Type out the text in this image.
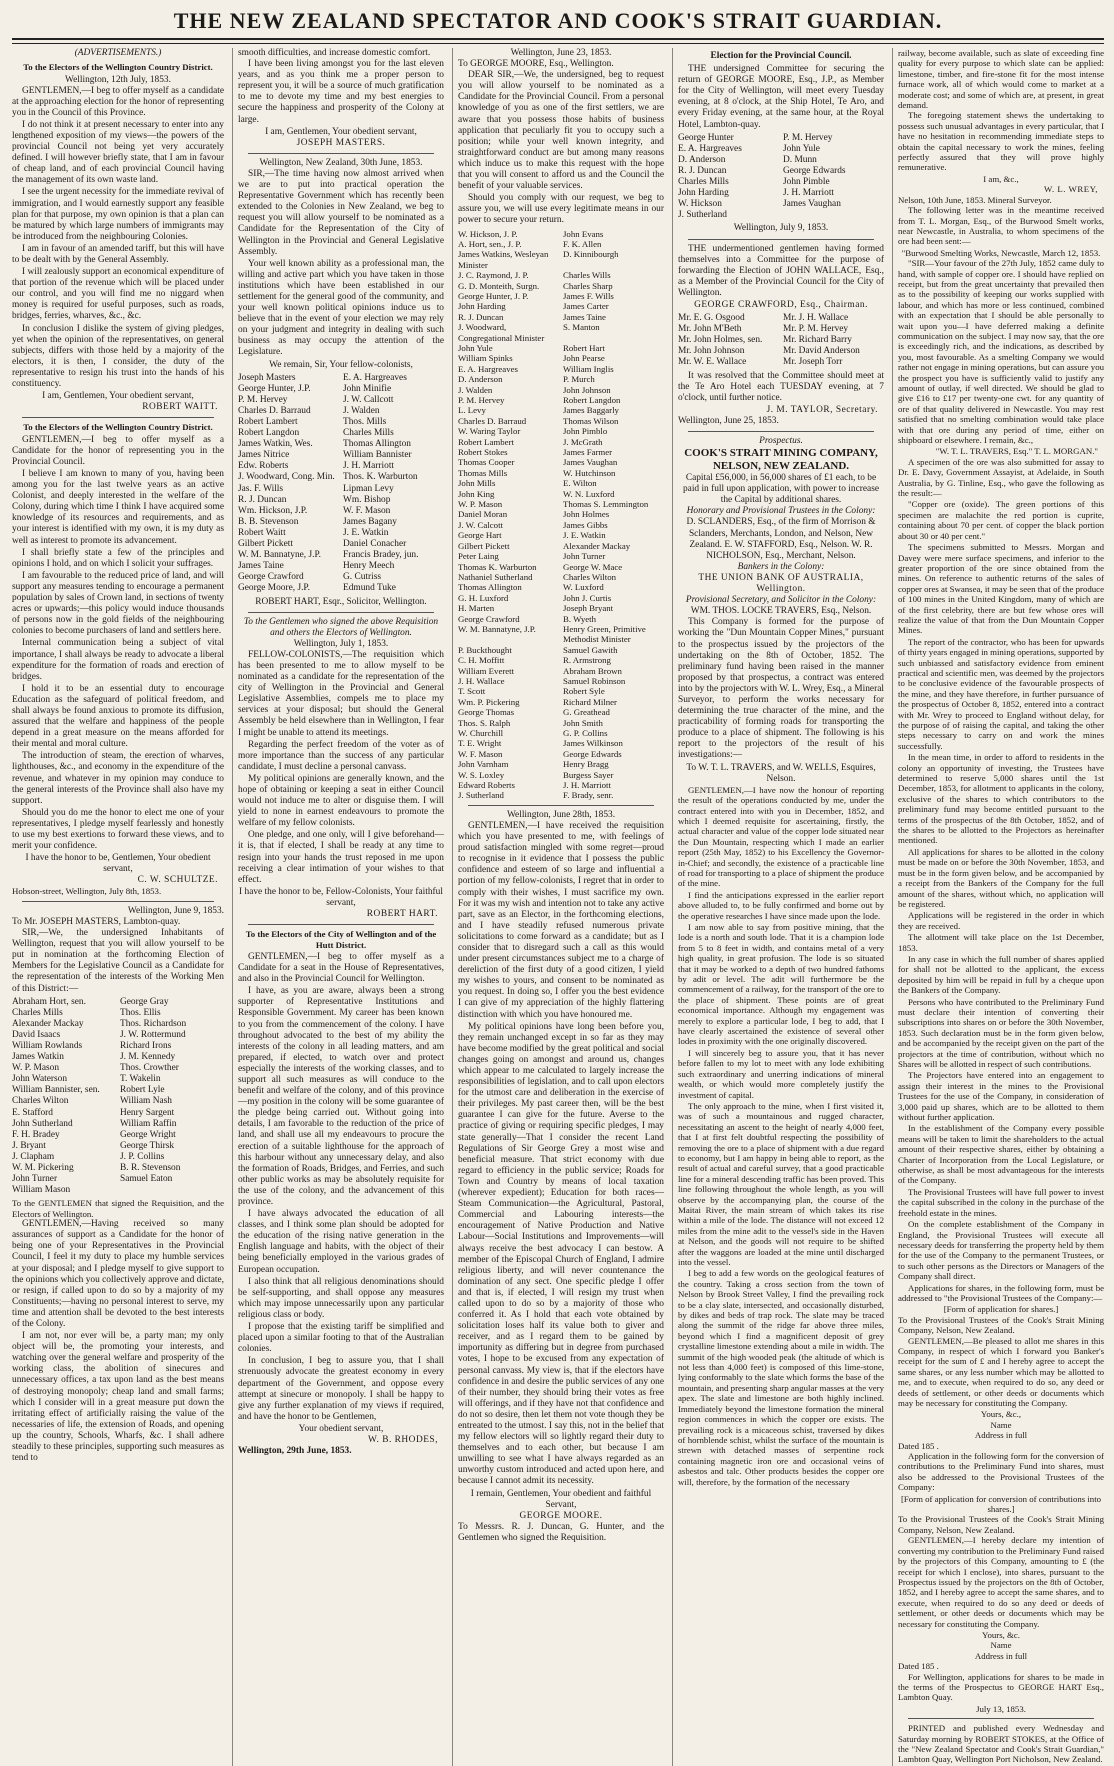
THE NEW ZEALAND SPECTATOR AND COOK'S STRAIT GUARDIAN.
(ADVERTISEMENTS.)
To the Electors of the Wellington Country District.
Wellington, 12th July, 1853.
GENTLEMEN,—I beg to offer myself as a candidate at the approaching election for the honor of representing you in the Council of this Province.
I do not think it at present necessary to enter into any lengthened exposition of my views—the powers of the provincial Council not being yet very accurately defined. I will however briefly state, that I am in favour of cheap land, and of each provincial Council having the management of its own waste land.
I see the urgent necessity for the immediate revival of immigration, and I would earnestly support any feasible plan for that purpose, my own opinion is that a plan can be matured by which large numbers of immigrants may be introduced from the neighbouring Colonies.
I am in favour of an amended tariff, but this will have to be dealt with by the General Assembly.
I will zealously support an economical expenditure of that portion of the revenue which will be placed under our control, and you will find me no niggard when money is required for useful purposes, such as roads, bridges, ferries, wharves, &c., &c.
In conclusion I dislike the system of giving pledges, yet when the opinion of the representatives, on general subjects, differs with those held by a majority of the electors, it is then, I consider, the duty of the representative to resign his trust into the hands of his constituency.
I am, Gentlemen, Your obedient servant,
ROBERT WAITT.
To the Electors of the Wellington Country District.
GENTLEMEN,—I beg to offer myself as a Candidate for the honor of representing you in the Provincial Council.
I believe I am known to many of you, having been among you for the last twelve years as an active Colonist, and deeply interested in the welfare of the Colony, during which time I think I have acquired some knowledge of its resources and requirements, and as your interest is identified with my own, it is my duty as well as interest to promote its advancement.
I shall briefly state a few of the principles and opinions I hold, and on which I solicit your suffrages.
I am favourable to the reduced price of land, and will support any measures tending to encourage a permanent population by sales of Crown land, in sections of twenty acres or upwards;—this policy would induce thousands of persons now in the gold fields of the neighbouring colonies to become purchasers of land and settlers here.
Internal communication being a subject of vital importance, I shall always be ready to advocate a liberal expenditure for the formation of roads and erection of bridges.
I hold it to be an essential duty to encourage Education as the safeguard of political freedom, and shall always be found anxious to promote its diffusion, assured that the welfare and happiness of the people depend in a great measure on the means afforded for their mental and moral culture.
The introduction of steam, the erection of wharves, lighthouses, &c., and economy in the expenditure of the revenue, and whatever in my opinion may conduce to the general interests of the Province shall also have my support.
Should you do me the honor to elect me one of your representatives, I pledge myself fearlessly and honestly to use my best exertions to forward these views, and to merit your confidence.
I have the honor to be, Gentlemen, Your obedient servant,
C. W. SCHULTZE.
Hobson-street, Wellington, July 8th, 1853.
Wellington, June 9, 1853.
To Mr. JOSEPH MASTERS, Lambton-quay.
SIR,—We, the undersigned Inhabitants of Wellington, request that you will allow yourself to be put in nomination at the forthcoming Election of Members for the Legislative Council as a Candidate for the representation of the interests of the Working Men of this District:—
Abraham Hort, sen.	George Gray
Charles Mills	Thos. Ellis
Alexander Mackay	Thos. Richardson
David Isaacs	J. W. Rottermund
William Rowlands	Richard Irons
James Watkin	J. M. Kennedy
W. P. Mason	Thos. Crowther
John Waterson	T. Wakelin
William Bannister, sen.	Robert Lyle
Charles Wilton	William Nash
E. Stafford	Henry Sargent
John Sutherland	William Raffin
F. H. Bradey	George Wright
J. Bryant	George Thirsk
J. Clapham	J. P. Collins
W. M. Pickering	B. R. Stevenson
John Turner	Samuel Eaton
William Mason
To the GENTLEMEN that signed the Requisition, and the Electors of Wellington.
GENTLEMEN,—Having received so many assurances of support as a Candidate for the honor of being one of your Representatives in the Provincial Council, I feel it my duty to place my humble services at your disposal; and I pledge myself to give support to the opinions which you collectively approve and dictate, or resign, if called upon to do so by a majority of my Constituents;—having no personal interest to serve, my time and attention shall be devoted to the best interests of the Colony.
I am not, nor ever will be, a party man; my only object will be, the promoting your interests, and watching over the general welfare and prosperity of the working class, the abolition of sinecures and unnecessary offices, a tax upon land as the best means of destroying monopoly; cheap land and small farms; which I consider will in a great measure put down the irritating effect of artificially raising the value of the necessaries of life, the extension of Roads, and opening up the country, Schools, Wharfs, &c. I shall adhere steadily to these principles, supporting such measures as tend to
smooth difficulties, and increase domestic comfort.
I have been living amongst you for the last eleven years, and as you think me a proper person to represent you, it will be a source of much gratification to me to devote my time and my best energies to secure the happiness and prosperity of the Colony at large.
I am, Gentlemen, Your obedient servant,
JOSEPH MASTERS.
Wellington, New Zealand, 30th June, 1853.
SIR,—The time having now almost arrived when we are to put into practical operation the Representative Government which has recently been extended to the Colonies in New Zealand, we beg to request you will allow yourself to be nominated as a Candidate for the Representation of the City of Wellington in the Provincial and General Legislative Assembly.
Your well known ability as a professional man, the willing and active part which you have taken in those institutions which have been established in our settlement for the general good of the community, and your well known political opinions induce us to believe that in the event of your election we may rely on your judgment and integrity in dealing with such business as may occupy the attention of the Legislature.
We remain, Sir, Your fellow-colonists,
Joseph Masters	E. A. Hargreaves
George Hunter, J.P.	John Minifie
P. M. Hervey	J. W. Callcott
Charles D. Barraud	J. Walden
Robert Lambert	Thos. Mills
Robert Langdon	Charles Mills
James Watkin, Wes.	Thomas Allington
James Nitrice	William Bannister
Edw. Roberts	J. H. Marriott
J. Woodward, Cong. Min. Thos. K. Warburton
Jas. F. Wills	Lipman Levy
R. J. Duncan	Wm. Bishop
Wm. Hickson, J.P.	W. F. Mason
B. B. Stevenson	James Bagany
Robert Waitt	J. E. Watkin
Gilbert Pickett	Daniel Conacher
W. M. Bannatyne, J.P.	Francis Bradey, jun.
James Taine	Henry Meech
George Crawford	G. Cutriss
George Moore, J.P.	Edmund Tuke
ROBERT HART, Esqr., Solicitor, Wellington.
To the Gentlemen who signed the above Requisition and others the Electors of Wellington.
Wellington, July 1, 1853.
FELLOW-COLONISTS,—The requisition which has been presented to me to allow myself to be nominated as a candidate for the representation of the city of Wellington in the Provincial and General Legislative Assemblies, compels me to place my services at your disposal; but should the General Assembly be held elsewhere than in Wellington, I fear I might be unable to attend its meetings.
Regarding the perfect freedom of the voter as of more importance than the success of any particular candidate, I must decline a personal canvass.
My political opinions are generally known, and the hope of obtaining or keeping a seat in either Council would not induce me to alter or disguise them. I will yield to none in earnest endeavours to promote the welfare of my fellow colonists.
One pledge, and one only, will I give beforehand—it is, that if elected, I shall be ready at any time to resign into your hands the trust reposed in me upon receiving a clear intimation of your wishes to that effect.
I have the honor to be, Fellow-Colonists, Your faithful servant,
ROBERT HART.
To the Electors of the City of Wellington and of the Hutt District.
GENTLEMEN,—I beg to offer myself as a Candidate for a seat in the House of Representatives, and also in the Provincial Council for Wellington.
I have, as you are aware, always been a strong supporter of Representative Institutions and Responsible Government. My career has been known to you from the commencement of the colony. I have throughout advocated to the best of my ability the interests of the colony in all leading matters, and am prepared, if elected, to watch over and protect especially the interests of the working classes, and to support all such measures as will conduce to the benefit and welfare of the colony, and of this province—my position in the colony will be some guarantee of the pledge being carried out. Without going into details, I am favorable to the reduction of the price of land, and shall use all my endeavours to procure the erection of a suitable lighthouse for the approach of this harbour without any unnecessary delay, and also the formation of Roads, Bridges, and Ferries, and such other public works as may be absolutely requisite for the use of the colony, and the advancement of this province.
I have always advocated the education of all classes, and I think some plan should be adopted for the education of the rising native generation in the English language and habits, with the object of their being beneficially employed in the various grades of European occupation.
I also think that all religious denominations should be self-supporting, and shall oppose any measures which may impose unnecessarily upon any particular religious class or body.
I propose that the existing tariff be simplified and placed upon a similar footing to that of the Australian colonies.
In conclusion, I beg to assure you, that I shall strenuously advocate the greatest economy in every department of the Government, and oppose every attempt at sinecure or monopoly. I shall be happy to give any further explanation of my views if required, and have the honor to be Gentlemen,
Your obedient servant,
W. B. RHODES,
Wellington, 29th June, 1853.
Wellington, June 23, 1853.
To GEORGE MOORE, Esq., Wellington.
DEAR SIR,—We, the undersigned, beg to request you will allow yourself to be nominated as a Candidate for the Provincial Council. From a personal knowledge of you as one of the first settlers, we are aware that you possess those habits of business application that peculiarly fit you to occupy such a position; while your well known integrity, and straightforward conduct are but among many reasons which induce us to make this request with the hope that you will consent to afford us and the Council the benefit of your valuable services.
Should you comply with our request, we beg to assure you, we will use every legitimate means in our power to secure your return.
W. Hickson, J. P.	John Evans
A. Hort, sen., J. P.	F. K. Allen
James Watkins, Wesleyan Minister
D. Kinnibourgh
J. C. Raymond, J. P.	Charles Wills
G. D. Monteith, Surgn.	Charles Sharp
George Hunter, J. P.	James F. Wills
John Harding	James Carter
R. J. Duncan	James Taine
J. Woodward, Congregational Minister
S. Manton
John Yule	Robert Hart
William Spinks	John Pearse
E. A. Hargreaves	William Inglis
D. Anderson	P. Murch
J. Walden	John Johnson
P. M. Hervey	Robert Langdon
L. Levy	James Baggarly
Charles D. Barraud	Thomas Wilson
W. Waring Taylor	John Pimblo
Robert Lambert	J. McGrath
Robert Stokes	James Farmer
Thomas Cooper	James Vaughan
Thomas Mills	W. Hutchinson
John Mills	E. Wilton
John King	W. N. Luxford
W. P. Mason	Thomas S. Lemmington
Daniel Moran	John Holmes
J. W. Calcott	James Gibbs
George Hart	J. E. Watkin
Gilbert Pickett	Alexander Mackay
Peter Laing	John Turner
Thomas K. Warburton	George W. Mace
Nathaniel Sutherland	Charles Wilton
Thomas Allington	W. Luxford
G. H. Luxford	John J. Curtis
H. Marten	Joseph Bryant
George Crawford	B. Wyeth
W. M. Bannatyne, J.P.	Henry Green, Primitive Methodist Minister
P. Buckthought	Samuel Gawith
C. H. Moffitt	R. Armstrong
William Everett	Abraham Brown
J. H. Wallace	Samuel Robinson
T. Scott	Robert Syle
Wm. P. Pickering	Richard Milner
George Thomas	G. Greathead
Thos. S. Ralph	John Smith
W. Churchill	G. P. Collins
T. E. Wright	James Wilkinson
W. F. Mason	George Edwards
John Varnham	Henry Bragg
W. S. Loxley	Burgess Sayer
Edward Roberts	J. H. Marriott
J. Sutherland	F. Brady, senr.
Wellington, June 28th, 1853.
GENTLEMEN,—I have received the requisition which you have presented to me, with feelings of proud satisfaction mingled with some regret—proud to recognise in it evidence that I possess the public confidence and esteem of so large and influential a portion of my fellow-colonists, I regret that in order to comply with their wishes, I must sacrifice my own. For it was my wish and intention not to take any active part, save as an Elector, in the forthcoming elections, and I have steadily refused numerous private solicitations to come forward as a candidate; but as I consider that to disregard such a call as this would under present circumstances subject me to a charge of dereliction of the first duty of a good citizen, I yield my wishes to yours, and consent to be nominated as you request. In doing so, I offer you the best evidence I can give of my appreciation of the highly flattering distinction with which you have honoured me.
My political opinions have long been before you, they remain unchanged except in so far as they may have become modified by the great political and social changes going on amongst and around us, changes which appear to me calculated to largely increase the responsibilities of legislation, and to call upon electors for the utmost care and deliberation in the exercise of their privileges. My past career then, will be the best guarantee I can give for the future. Averse to the practice of giving or requiring specific pledges, I may state generally—That I consider the recent Land Regulations of Sir George Grey a most wise and beneficial measure. That strict economy with due regard to efficiency in the public service; Roads for Town and Country by means of local taxation (wherever expedient); Education for both races—Steam Communication—the Agricultural, Pastoral, Commercial and Labouring interests—the encouragement of Native Production and Native Labour—Social Institutions and Improvements—will always receive the best advocacy I can bestow. A member of the Episcopal Church of England, I admire religious liberty, and will never countenance the domination of any sect. One specific pledge I offer and that is, if elected, I will resign my trust when called upon to do so by a majority of those who conferred it. As I hold that each vote obtained by solicitation loses half its value both to giver and receiver, and as I regard them to be gained by importunity as differing but in degree from purchased votes, I hope to be excused from any expectation of personal canvass. My view is, that if the electors have confidence in and desire the public services of any one of their number, they should bring their votes as free will offerings, and if they have not that confidence and do not so desire, then let them not vote though they be entreated to the utmost. I say this, not in the belief that my fellow electors will so lightly regard their duty to themselves and to each other, but because I am unwilling to see what I have always regarded as an unworthy custom introduced and acted upon here, and because I cannot admit its necessity.
I remain, Gentlemen, Your obedient and faithful Servant,
GEORGE MOORE.
To Messrs. R. J. Duncan, G. Hunter, and the Gentlemen who signed the Requisition.
Election for the Provincial Council.
THE undersigned Committee for securing the return of GEORGE MOORE, Esq., J.P., as Member for the City of Wellington, will meet every Tuesday evening, at 8 o'clock, at the Ship Hotel, Te Aro, and every Friday evening, at the same hour, at the Royal Hotel, Lambton-quay.
George Hunter	P. M. Hervey
E. A. Hargreaves	John Yule
D. Anderson	D. Munn
R. J. Duncan	George Edwards
Charles Mills	John Pimble
John Harding	J. H. Marriott
W. Hickson	James Vaughan
J. Sutherland
Wellington, July 9, 1853.
THE undermentioned gentlemen having formed themselves into a Committee for the purpose of forwarding the Election of JOHN WALLACE, Esq., as a Member of the Provincial Council for the City of Wellington.
GEORGE CRAWFORD, Esq., Chairman.
Mr. E. G. Osgood	Mr. J. H. Wallace
Mr. John M'Beth	Mr. P. M. Hervey
Mr. John Holmes, sen.	Mr. Richard Barry
Mr. John Johnson	Mr. David Anderson
Mr. W. E. Wallace	Mr. Joseph Torr
It was resolved that the Committee should meet at the Te Aro Hotel each TUESDAY evening, at 7 o'clock, until further notice.
J. M. TAYLOR, Secretary.
Wellington, June 25, 1853.
Prospectus.
COOK'S STRAIT MINING COMPANY, NELSON, NEW ZEALAND.
Capital £56,000, in 56,000 shares of £1 each, to be paid in full upon application, with power to increase the Capital by additional shares.
Honorary and Provisional Trustees in the Colony:
D. SCLANDERS, Esq., of the firm of Morrison & Sclanders, Merchants, London, and Nelson, New Zealand. E. W. STAFFORD, Esq., Nelson. W. R. NICHOLSON, Esq., Merchant, Nelson.
Bankers in the Colony:
THE UNION BANK OF AUSTRALIA, Wellington.
Provisional Secretary, and Solicitor in the Colony:
WM. THOS. LOCKE TRAVERS, Esq., Nelson.
This Company is formed for the purpose of working the "Dun Mountain Copper Mines," pursuant to the prospectus issued by the projectors of the undertaking on the 8th of October, 1852. The preliminary fund having been raised in the manner proposed by that prospectus, a contract was entered into by the projectors with W. L. Wrey, Esq., a Mineral Surveyor, to perform the works necessary for determining the true character of the mine, and the practicability of forming roads for transporting the produce to a place of shipment. The following is his report to the projectors of the result of his investigations:—
To W. T. L. TRAVERS, and W. WELLS, Esquires, Nelson.
GENTLEMEN,—I have now the honour of reporting the result of the operations conducted by me, under the contract entered into with you in December, 1852, and which I deemed requisite for ascertaining, firstly, the actual character and value of the copper lode situated near the Dun Mountain, respecting which I made an earlier report (25th May, 1852) to his Excellency the Governor-in-Chief; and secondly, the existence of a practicable line of road for transporting to a place of shipment the produce of the mine.
I find the anticipations expressed in the earlier report above alluded to, to be fully confirmed and borne out by the operative researches I have since made upon the lode.
I am now able to say from positive mining, that the lode is a north and south lode. That it is a champion lode from 5 to 8 feet in width, and contains metal of a very high quality, in great profusion. The lode is so situated that it may be worked to a depth of two hundred fathoms by adit or level. The adit will furthermore be the commencement of a railway, for the transport of the ore to the place of shipment. These points are of great economical importance. Although my engagement was merely to explore a particular lode, I beg to add, that I have clearly ascertained the existence of several other lodes in proximity with the one originally discovered.
I will sincerely beg to assure you, that it has never before fallen to my lot to meet with any lode exhibiting such extraordinary and unerring indications of mineral wealth, or which would more completely justify the investment of capital.
The only approach to the mine, when I first visited it, was of such a mountainous and rugged character, necessitating an ascent to the height of nearly 4,000 feet, that I at first felt doubtful respecting the possibility of removing the ore to a place of shipment with a due regard to economy, but I am happy in being able to report, as the result of actual and careful survey, that a good practicable line for a mineral descending traffic has been proved. This line following throughout the whole length, as you will observe by the accompanying plan, the course of the Maitai River, the main stream of which takes its rise within a mile of the lode. The distance will not exceed 12 miles from the mine adit to the vessel's side in the Haven at Nelson, and the goods will not require to be shifted after the waggons are loaded at the mine until discharged into the vessel.
I beg to add a few words on the geological features of the country. Taking a cross section from the town of Nelson by Brook Street Valley, I find the prevailing rock to be a clay slate, intersected, and occasionally disturbed, by dikes and beds of trap rock. The slate may be traced along the summit of the ridge far above three miles, beyond which I find a magnificent deposit of grey crystalline limestone extending about a mile in width. The summit of the high wooded peak (the altitude of which is not less than 4,000 feet) is composed of this lime-stone, lying conformably to the slate which forms the base of the mountain, and presenting sharp angular masses at the very apex. The slate and limestone are both highly inclined. Immediately beyond the limestone formation the mineral region commences in which the copper ore exists. The prevailing rock is a micaceous schist, traversed by dikes of hornblende schist, whilst the surface of the mountain is strewn with detached masses of serpentine rock containing magnetic iron ore and occasional veins of asbestos and talc. Other products besides the copper ore will, therefore, by the formation of the necessary
railway, become available, such as slate of exceeding fine quality for every purpose to which slate can be applied: limestone, timber, and fire-stone fit for the most intense furnace work, all of which would come to market at a moderate cost; and some of which are, at present, in great demand.
The foregoing statement shews the undertaking to possess such unusual advantages in every particular, that I have no hesitation in recommending immediate steps to obtain the capital necessary to work the mines, feeling perfectly assured that they will prove highly remunerative.
I am, &c.,
W. L. WREY,
Nelson, 10th June, 1853. Mineral Surveyor.
The following letter was in the meantime received from T. L. Morgan, Esq., of the Burwood Smelt works, near Newcastle, in Australia, to whom specimens of the ore had been sent:—
"Burwood Smelting Works, Newcastle, March 12, 1853.
"SIR—Your favour of the 27th July, 1852 came duly to hand, with sample of copper ore. I should have replied on receipt, but from the great uncertainty that prevailed then as to the possibility of keeping our works supplied with labour, and which has more or less continued, combined with an expectation that I should be able personally to wait upon you—I have deferred making a definite communication on the subject. I may now say, that the ore is exceedingly rich, and the indications, as described by you, most favourable. As a smelting Company we would rather not engage in mining operations, but can assure you the prospect you have is sufficiently valid to justify any amount of outlay, if well directed. We should be glad to give £16 to £17 per twenty-one cwt. for any quantity of ore of that quality delivered in Newcastle. You may rest satisfied that no smelting combination would take place with that ore during any period of time, either on shipboard or elsewhere. I remain, &c.,
"W. T. L. TRAVERS, Esq." T. L. MORGAN."
A specimen of the ore was also submitted for assay to Dr. E. Davy, Government Assayist, at Adelaide, in South Australia, by G. Tinline, Esq., who gave the following as the result:—
"Copper ore (oxide). The green portions of this specimen are malachite the red portion is cuprite, containing about 70 per cent. of copper the black portion about 30 or 40 per cent."
The specimens submitted to Messrs. Morgan and Davey were mere surface specimens, and inferior to the greater proportion of the ore since obtained from the mines. On reference to authentic returns of the sales of copper ores at Swansea, it may be seen that of the produce of 100 mines in the United Kingdom, many of which are of the first celebrity, there are but few whose ores will realize the value of that from the Dun Mountain Copper Mines.
The report of the contractor, who has been for upwards of thirty years engaged in mining operations, supported by such unbiassed and satisfactory evidence from eminent practical and scientific men, was deemed by the projectors to be conclusive evidence of the favourable prospects of the mine, and they have therefore, in further pursuance of the prospectus of October 8, 1852, entered into a contract with Mr. Wrey to proceed to England without delay, for the purpose of of raising the capital, and taking the other steps necessary to carry on and work the mines successfully.
In the mean time, in order to afford to residents in the colony an opportunity of investing, the Trustees have determined to reserve 5,000 shares until the 1st December, 1853, for allotment to applicants in the colony, exclusive of the shares to which contributors to the preliminary fund may become entitled pursuant to the terms of the prospectus of the 8th October, 1852, and of the shares to be allotted to the Projectors as hereinafter mentioned.
All applications for shares to be allotted in the colony must be made on or before the 30th November, 1853, and must be in the form given below, and be accompanied by a receipt from the Bankers of the Company for the full amount of the shares, without which, no application will be registered.
Applications will be registered in the order in which they are received.
The allotment will take place on the 1st December, 1853.
In any case in which the full number of shares applied for shall not be allotted to the applicant, the excess deposited by him will be repaid in full by a cheque upon the Bankers of the Company.
Persons who have contributed to the Preliminary Fund must declare their intention of converting their subscriptions into shares on or before the 30th November, 1853. Such declaration must be in the form given below, and be accompanied by the receipt given on the part of the projectors at the time of contribution, without which no Shares will be allotted in respect of such contributions.
The Projectors have entered into an engagement to assign their interest in the mines to the Provisional Trustees for the use of the Company, in consideration of 3,000 paid up shares, which are to be allotted to them without further application.
In the establishment of the Company every possible means will be taken to limit the shareholders to the actual amount of their respective shares, either by obtaining a Charter of Incorporation from the Local Legislature, or otherwise, as shall be most advantageous for the interests of the Company.
The Provisional Trustees will have full power to invest the capital subscribed in the colony in the purchase of the freehold estate in the mines.
On the complete establishment of the Company in England, the Provisional Trustees will execute all necessary deeds for transferring the property held by them for the use of the Company to the permanent Trustees, or to such other persons as the Directors or Managers of the Company shall direct.
Applications for shares, in the following form, must be addressed to "the Provisional Trustees of the Company:—
[Form of application for shares.]
To the Provisional Trustees of the Cook's Strait Mining Company, Nelson, New Zealand.
GENTLEMEN,—Be pleased to allot me shares in this Company, in respect of which I forward you Banker's receipt for the sum of £ and I hereby agree to accept the same shares, or any less number which may be allotted to me, and to execute, when required to do so, any deed or deeds of settlement, or other deeds or documents which may be necessary for constituting the Company.
Yours, &c.,
Name
Address in full
Dated 185 .
Application in the following form for the conversion of contributions to the Preliminary Fund into shares, must also be addressed to the Provisional Trustees of the Company:
[Form of application for conversion of contributions into shares.]
To the Provisional Trustees of the Cook's Strait Mining Company, Nelson, New Zealand.
GENTLEMEN,—I hereby declare my intention of converting my contribution to the Preliminary Fund raised by the projectors of this Company, amounting to £ (the receipt for which I enclose), into shares, pursuant to the Prospectus issued by the projectors on the 8th of October, 1852, and I hereby agree to accept the same shares, and to execute, when required to do so any deed or deeds of settlement, or other deeds or documents which may be necessary for constituting the Company.
Yours, &c.
Name
Address in full
Dated 185 .
For Wellington, applications for shares to be made in the terms of the Prospectus to GEORGE HART Esq., Lambton Quay.
July 13, 1853.
PRINTED and published every Wednesday and Saturday morning by ROBERT STOKES, at the Office of the "New Zealand Spectator and Cook's Strait Guardian," Lambton Quay, Wellington Port Nicholson, New Zealand.
